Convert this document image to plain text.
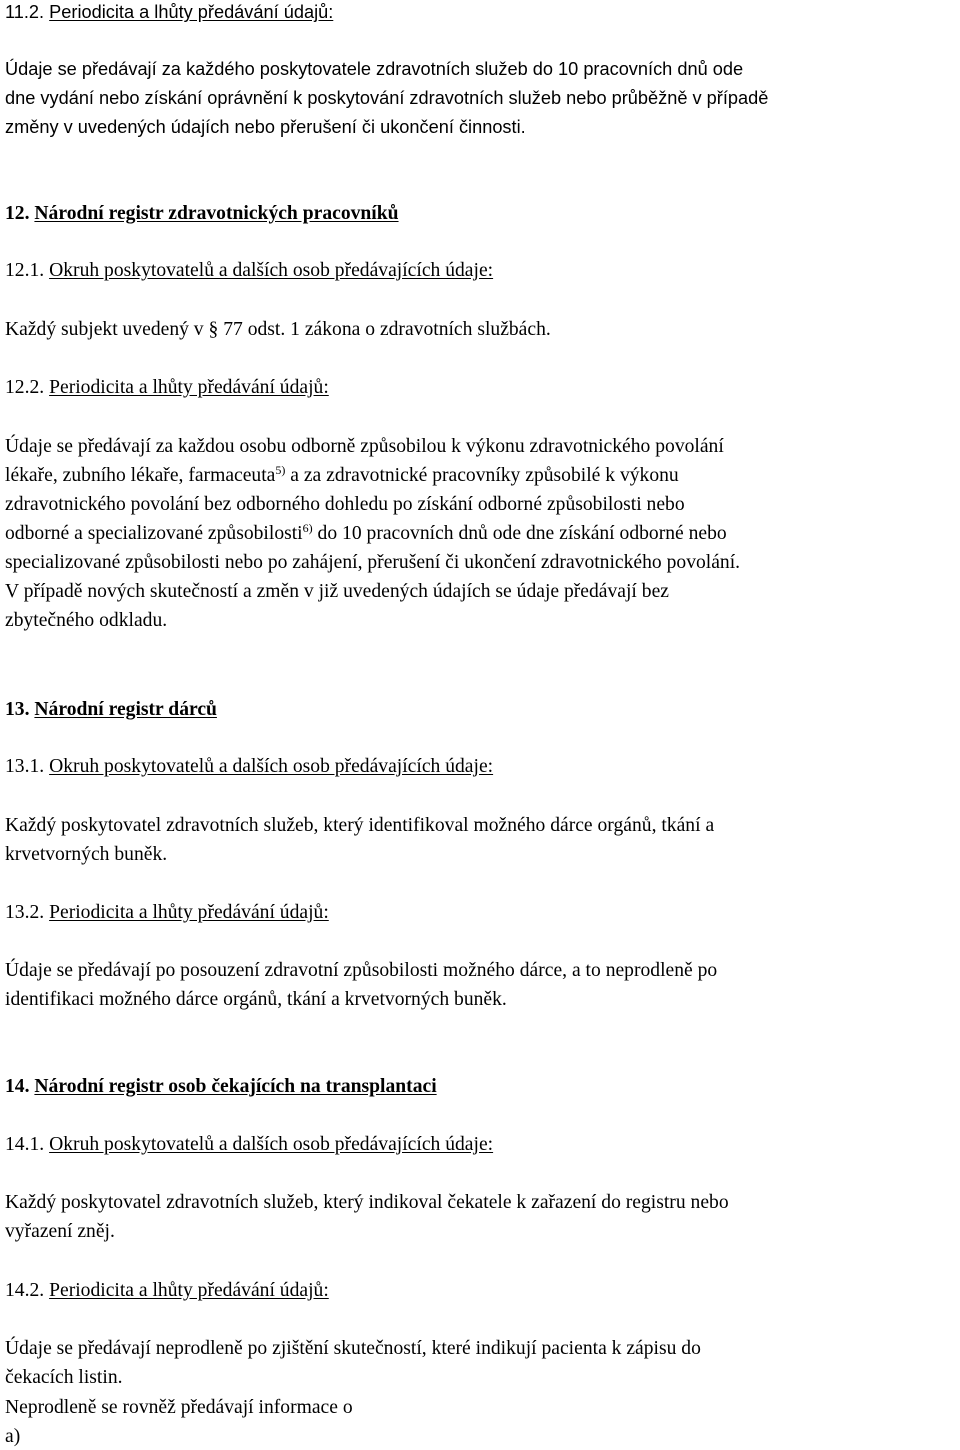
11.2. Periodicita a lhůty předávání údajů:
Údaje se předávají za každého poskytovatele zdravotních služeb do 10 pracovních dnů ode
dne vydání nebo získání oprávnění k poskytování zdravotních služeb nebo průběžně v případě
změny v uvedených údajích nebo přerušení či ukončení činnosti.
12. Národní registr zdravotnických pracovníků
12.1. Okruh poskytovatelů a dalších osob předávajících údaje:
Každý subjekt uvedený v § 77 odst. 1 zákona o zdravotních službách.
12.2. Periodicita a lhůty předávání údajů:
Údaje se předávají za každou osobu odborně způsobilou k výkonu zdravotnického povolání
lékaře, zubního lékaře, farmaceuta$^{5)}$ a za zdravotnické pracovníky způsobilé k výkonu
zdravotnického povolání bez odborného dohledu po získání odborné způsobilosti nebo
odborné a specializované způsobilosti$^{6)}$ do 10 pracovních dnů ode dne získání odborné nebo
specializované způsobilosti nebo po zahájení, přerušení či ukončení zdravotnického povolání.
V případě nových skutečností a změn v již uvedených údajích se údaje předávají bez
zbytečného odkladu.
13. Národní registr dárců
13.1. Okruh poskytovatelů a dalších osob předávajících údaje:
Každý poskytovatel zdravotních služeb, který identifikoval možného dárce orgánů, tkání a
krvetvorných buněk.
13.2. Periodicita a lhůty předávání údajů:
Údaje se předávají po posouzení zdravotní způsobilosti možného dárce, a to neprodleně po
identifikaci možného dárce orgánů, tkání a krvetvorných buněk.
14. Národní registr osob čekajících na transplantaci
14.1. Okruh poskytovatelů a dalších osob předávajících údaje:
Každý poskytovatel zdravotních služeb, který indikoval čekatele k zařazení do registru nebo
vyřazení zněj.
14.2. Periodicita a lhůty předávání údajů:
Údaje se předávají neprodleně po zjištění skutečností, které indikují pacienta k zápisu do
čekacích listin.
Neprodleně se rovněž předávají informace o
a)
